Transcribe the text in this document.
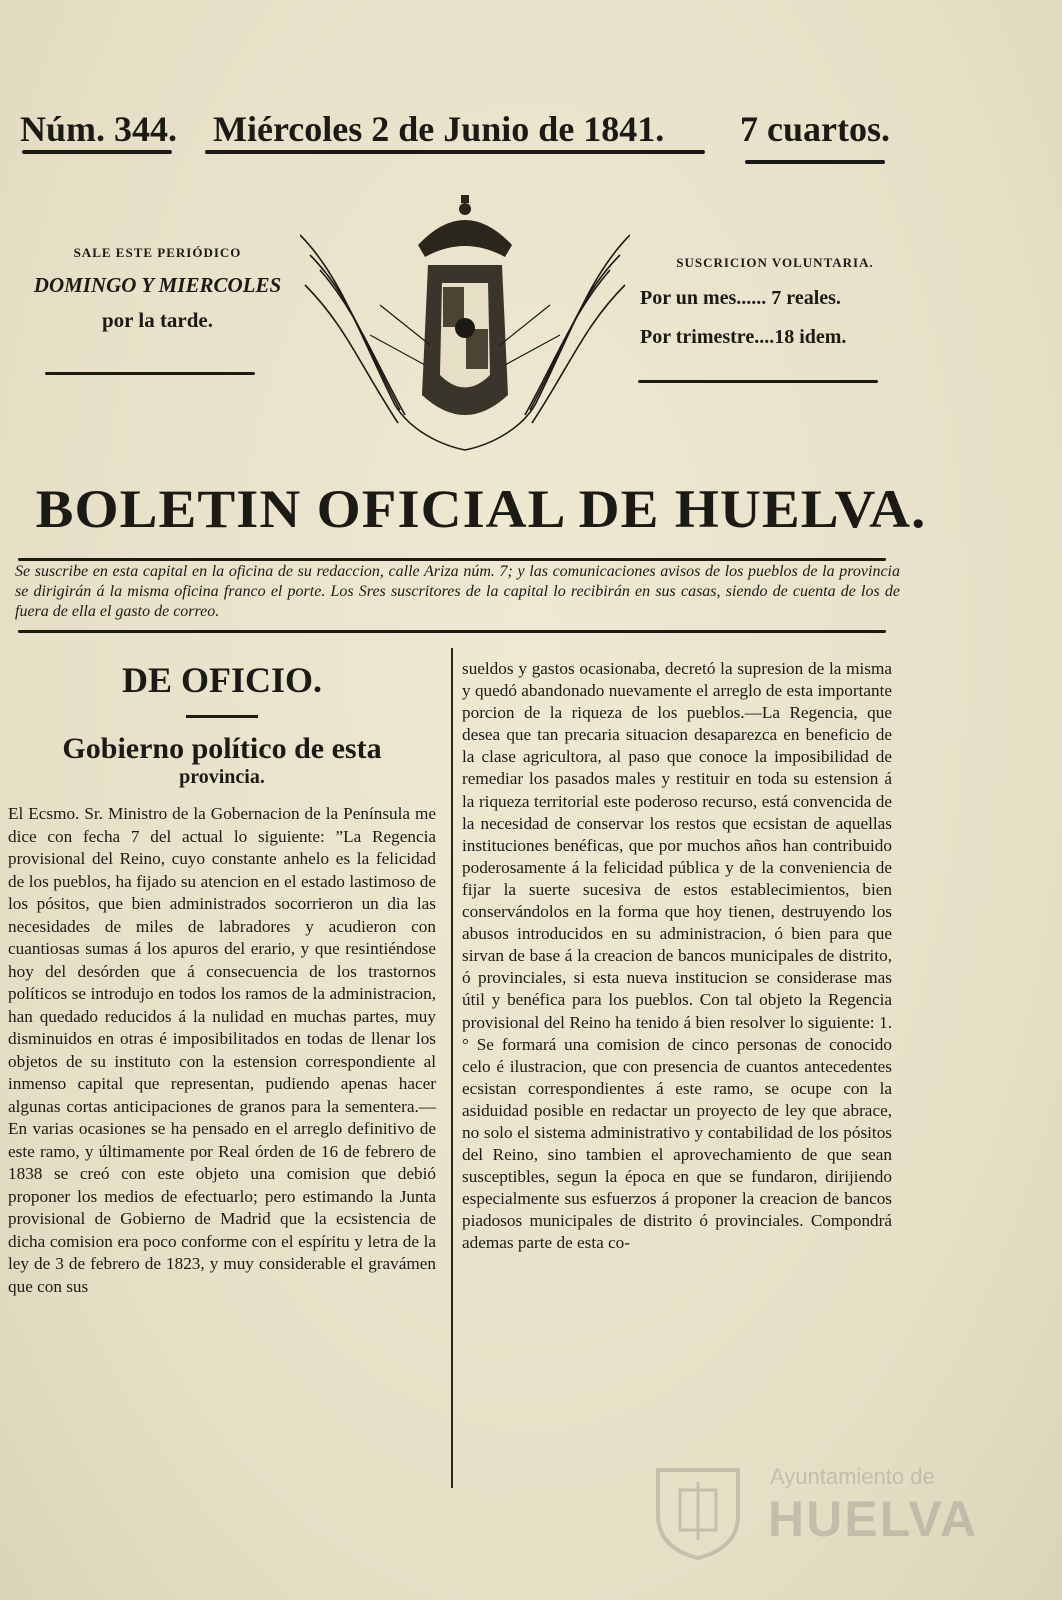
Núm. 344. Miércoles 2 de Junio de 1841. 7 cuartos.
SALE ESTE PERIÓDICO
DOMINGO Y MIERCOLES
por la tarde.
SUSCRICION VOLUNTARIA.
Por un mes...... 7 reales.
Por trimestre....18 idem.
BOLETIN OFICIAL DE HUELVA.
Se suscribe en esta capital en la oficina de su redaccion, calle Ariza núm. 7; y las comunicaciones avisos de los pueblos de la provincia se dirigirán á la misma oficina franco el porte. Los Sres suscritores de la capital lo recibirán en sus casas, siendo de cuenta de los de fuera de ella el gasto de correo.
DE OFICIO.
Gobierno político de esta
provincia.

El Ecsmo. Sr. Ministro de la Gobernacion de la Península me dice con fecha 7 del actual lo siguiente: ”La Regencia provisional del Reino, cuyo constante anhelo es la felicidad de los pueblos, ha fijado su atencion en el estado lastimoso de los pósitos, que bien administrados socorrieron un dia las necesidades de miles de labradores y acudieron con cuantiosas sumas á los apuros del erario, y que resintiéndose hoy del desórden que á consecuencia de los trastornos políticos se introdujo en todos los ramos de la administracion, han quedado reducidos á la nulidad en muchas partes, muy disminuidos en otras é imposibilitados en todas de llenar los objetos de su instituto con la estension correspondiente al inmenso capital que representan, pudiendo apenas hacer algunas cortas anticipaciones de granos para la sementera.—En varias ocasiones se ha pensado en el arreglo definitivo de este ramo, y últimamente por Real órden de 16 de febrero de 1838 se creó con este objeto una comision que debió proponer los medios de efectuarlo; pero estimando la Junta provisional de Gobierno de Madrid que la ecsistencia de dicha comision era poco conforme con el espíritu y letra de la ley de 3 de febrero de 1823, y muy considerable el gravámen que con sus

sueldos y gastos ocasionaba, decretó la supresion de la misma y quedó abandonado nuevamente el arreglo de esta importante porcion de la riqueza de los pueblos.—La Regencia, que desea que tan precaria situacion desaparezca en beneficio de la clase agricultora, al paso que conoce la imposibilidad de remediar los pasados males y restituir en toda su estension á la riqueza territorial este poderoso recurso, está convencida de la necesidad de conservar los restos que ecsistan de aquellas instituciones benéficas, que por muchos años han contribuido poderosamente á la felicidad pública y de la conveniencia de fijar la suerte sucesiva de estos establecimientos, bien conservándolos en la forma que hoy tienen, destruyendo los abusos introducidos en su administracion, ó bien para que sirvan de base á la creacion de bancos municipales de distrito, ó provinciales, si esta nueva institucion se considerase mas útil y benéfica para los pueblos. Con tal objeto la Regencia provisional del Reino ha tenido á bien resolver lo siguiente: 1.° Se formará una comision de cinco personas de conocido celo é ilustracion, que con presencia de cuantos antecedentes ecsistan correspondientes á este ramo, se ocupe con la asiduidad posible en redactar un proyecto de ley que abrace, no solo el sistema administrativo y contabilidad de los pósitos del Reino, sino tambien el aprovechamiento de que sean susceptibles, segun la época en que se fundaron, dirijiendo especialmente sus esfuerzos á proponer la creacion de bancos piadosos municipales de distrito ó provinciales. Compondrá ademas parte de esta co-

Ayuntamiento de
HUELVA
